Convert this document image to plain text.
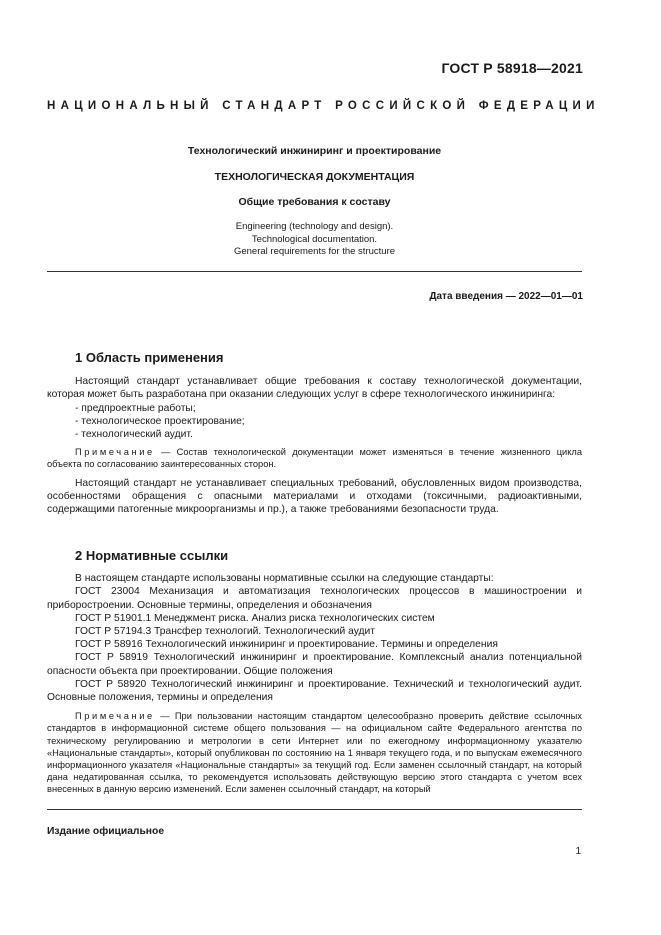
ГОСТ Р 58918—2021
НАЦИОНАЛЬНЫЙ СТАНДАРТ РОССИЙСКОЙ ФЕДЕРАЦИИ
Технологический инжиниринг и проектирование
ТЕХНОЛОГИЧЕСКАЯ ДОКУМЕНТАЦИЯ
Общие требования к составу
Engineering (technology and design).
Technological documentation.
General requirements for the structure
Дата введения — 2022—01—01

1 Область применения

Настоящий стандарт устанавливает общие требования к составу технологической документации, которая может быть разработана при оказании следующих услуг в сфере технологического инжиниринга:

- предпроектные работы;

- технологическое проектирование;

- технологический аудит.

Примечание — Состав технологической документации может изменяться в течение жизненного цикла объекта по согласованию заинтересованных сторон.

Настоящий стандарт не устанавливает специальных требований, обусловленных видом производства, особенностями обращения с опасными материалами и отходами (токсичными, радиоактивными, содержащими патогенные микроорганизмы и пр.), а также требованиями безопасности труда.

2 Нормативные ссылки

В настоящем стандарте использованы нормативные ссылки на следующие стандарты:

ГОСТ 23004 Механизация и автоматизация технологических процессов в машиностроении и приборостроении. Основные термины, определения и обозначения

ГОСТ Р 51901.1 Менеджмент риска. Анализ риска технологических систем

ГОСТ Р 57194.3 Трансфер технологий. Технологический аудит

ГОСТ Р 58916 Технологический инжиниринг и проектирование. Термины и определения

ГОСТ Р 58919 Технологический инжиниринг и проектирование. Комплексный анализ потенциальной опасности объекта при проектировании. Общие положения

ГОСТ Р 58920 Технологический инжиниринг и проектирование. Технический и технологический аудит. Основные положения, термины и определения

Примечание — При пользовании настоящим стандартом целесообразно проверить действие ссылочных стандартов в информационной системе общего пользования — на официальном сайте Федерального агентства по техническому регулированию и метрологии в сети Интернет или по ежегодному информационному указателю «Национальные стандарты», который опубликован по состоянию на 1 января текущего года, и по выпускам ежемесячного информационного указателя «Национальные стандарты» за текущий год. Если заменен ссылочный стандарт, на который дана недатированная ссылка, то рекомендуется использовать действующую версию этого стандарта с учетом всех внесенных в данную версию изменений. Если заменен ссылочный стандарт, на который

Издание официальное
1
